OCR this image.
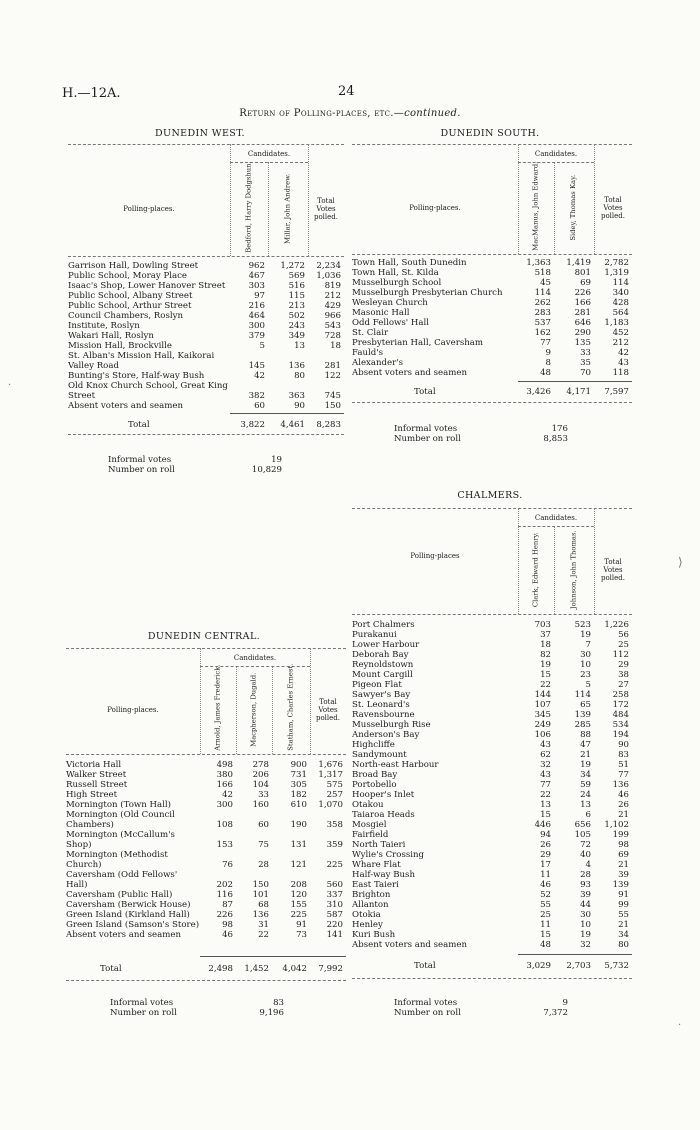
H.—12A.	24
Return of Polling-places, etc.—continued.
DUNEDIN WEST.	DUNEDIN SOUTH.
DUNEDIN CENTRAL.
CHALMERS.
Candidates.
Polling-places.	Bedford, Harry Dodgshun.	Millar, John Andrew.	Total Votes polled.
Garrison Hall, Dowling Street	962	1,272	2,234
Public School, Moray Place	467	569	1,036
Isaac's Shop, Lower Hanover Street	303	516	819
Public School, Albany Street	97	115	212
Public School, Arthur Street	216	213	429
Council Chambers, Roslyn	464	502	966
Institute, Roslyn	300	243	543
Wakari Hall, Roslyn	379	349	728
Mission Hall, Brockville	5	13	18
St. Alban's Mission Hall, Kaikorai Valley Road	145	136	281
Bunting's Store, Half-way Bush	42	80	122
Old Knox Church School, Great King Street	382	363	745
Absent voters and seamen	60	90	150
Total	3,822	4,461	8,283
Informal votes	19
Number on roll	10,829
Candidates.
Polling-places.	MacManus, John Edward.	Sidey, Thomas Kay.	Total Votes polled.
Town Hall, South Dunedin	1,363	1,419	2,782
Town Hall, St. Kilda	518	801	1,319
Musselburgh School	45	69	114
Musselburgh Presbyterian Church	114	226	340
Wesleyan Church	262	166	428
Masonic Hall	283	281	564
Odd Fellows' Hall	537	646	1,183
St. Clair	162	290	452
Presbyterian Hall, Caversham	77	135	212
Fauld's	9	33	42
Alexander's	8	35	43
Absent voters and seamen	48	70	118
Total	3,426	4,171	7,597
Informal votes	176
Number on roll	8,853
Candidates.
Polling-places	Clark, Edward Henry.	Johnson, John Thomas.	Total Votes polled.
Port Chalmers	703	523	1,226
Purakanui	37	19	56
Lower Harbour	18	7	25
Deborah Bay	82	30	112
Reynoldstown	19	10	29
Mount Cargill	15	23	38
Pigeon Flat	22	5	27
Sawyer's Bay	144	114	258
St. Leonard's	107	65	172
Ravensbourne	345	139	484
Musselburgh Rise	249	285	534
Anderson's Bay	106	88	194
Highcliffe	43	47	90
Sandymount	62	21	83
North-east Harbour	32	19	51
Broad Bay	43	34	77
Portobello	77	59	136
Hooper's Inlet	22	24	46
Otakou	13	13	26
Taiaroa Heads	15	6	21
Mosgiel	446	656	1,102
Fairfield	94	105	199
North Taieri	26	72	98
Wylie's Crossing	29	40	69
Whare Flat	17	4	21
Half-way Bush	11	28	39
East Taieri	46	93	139
Brighton	52	39	91
Allanton	55	44	99
Otokia	25	30	55
Henley	11	10	21
Kuri Bush	15	19	34
Absent voters and seamen	48	32	80
Total	3,029	2,703	5,732
Informal votes	9
Number on roll	7,372
Candidates.
Polling-places.	Arnold, James Frederick.	Macpherson, Dugald.	Statham, Charles Ernest.	Total Votes polled.
Victoria Hall	498	278	900	1,676
Walker Street	380	206	731	1,317
Russell Street	166	104	305	575
High Street	42	33	182	257
Mornington (Town Hall)	300	160	610	1,070
Mornington (Old Council Chambers)	108	60	190	358
Mornington (McCallum's Shop)	153	75	131	359
Mornington (Methodist Church)	76	28	121	225
Caversham (Odd Fellows' Hall)	202	150	208	560
Caversham (Public Hall)	116	101	120	337
Caversham (Berwick House)	87	68	155	310
Green Island (Kirkland Hall)	226	136	225	587
Green Island (Samson's Store)	98	31	91	220
Absent voters and seamen	46	22	73	141
Total	2,498	1,452	4,042	7,992
Informal votes	83
Number on roll	9,196
·
⟩
·
